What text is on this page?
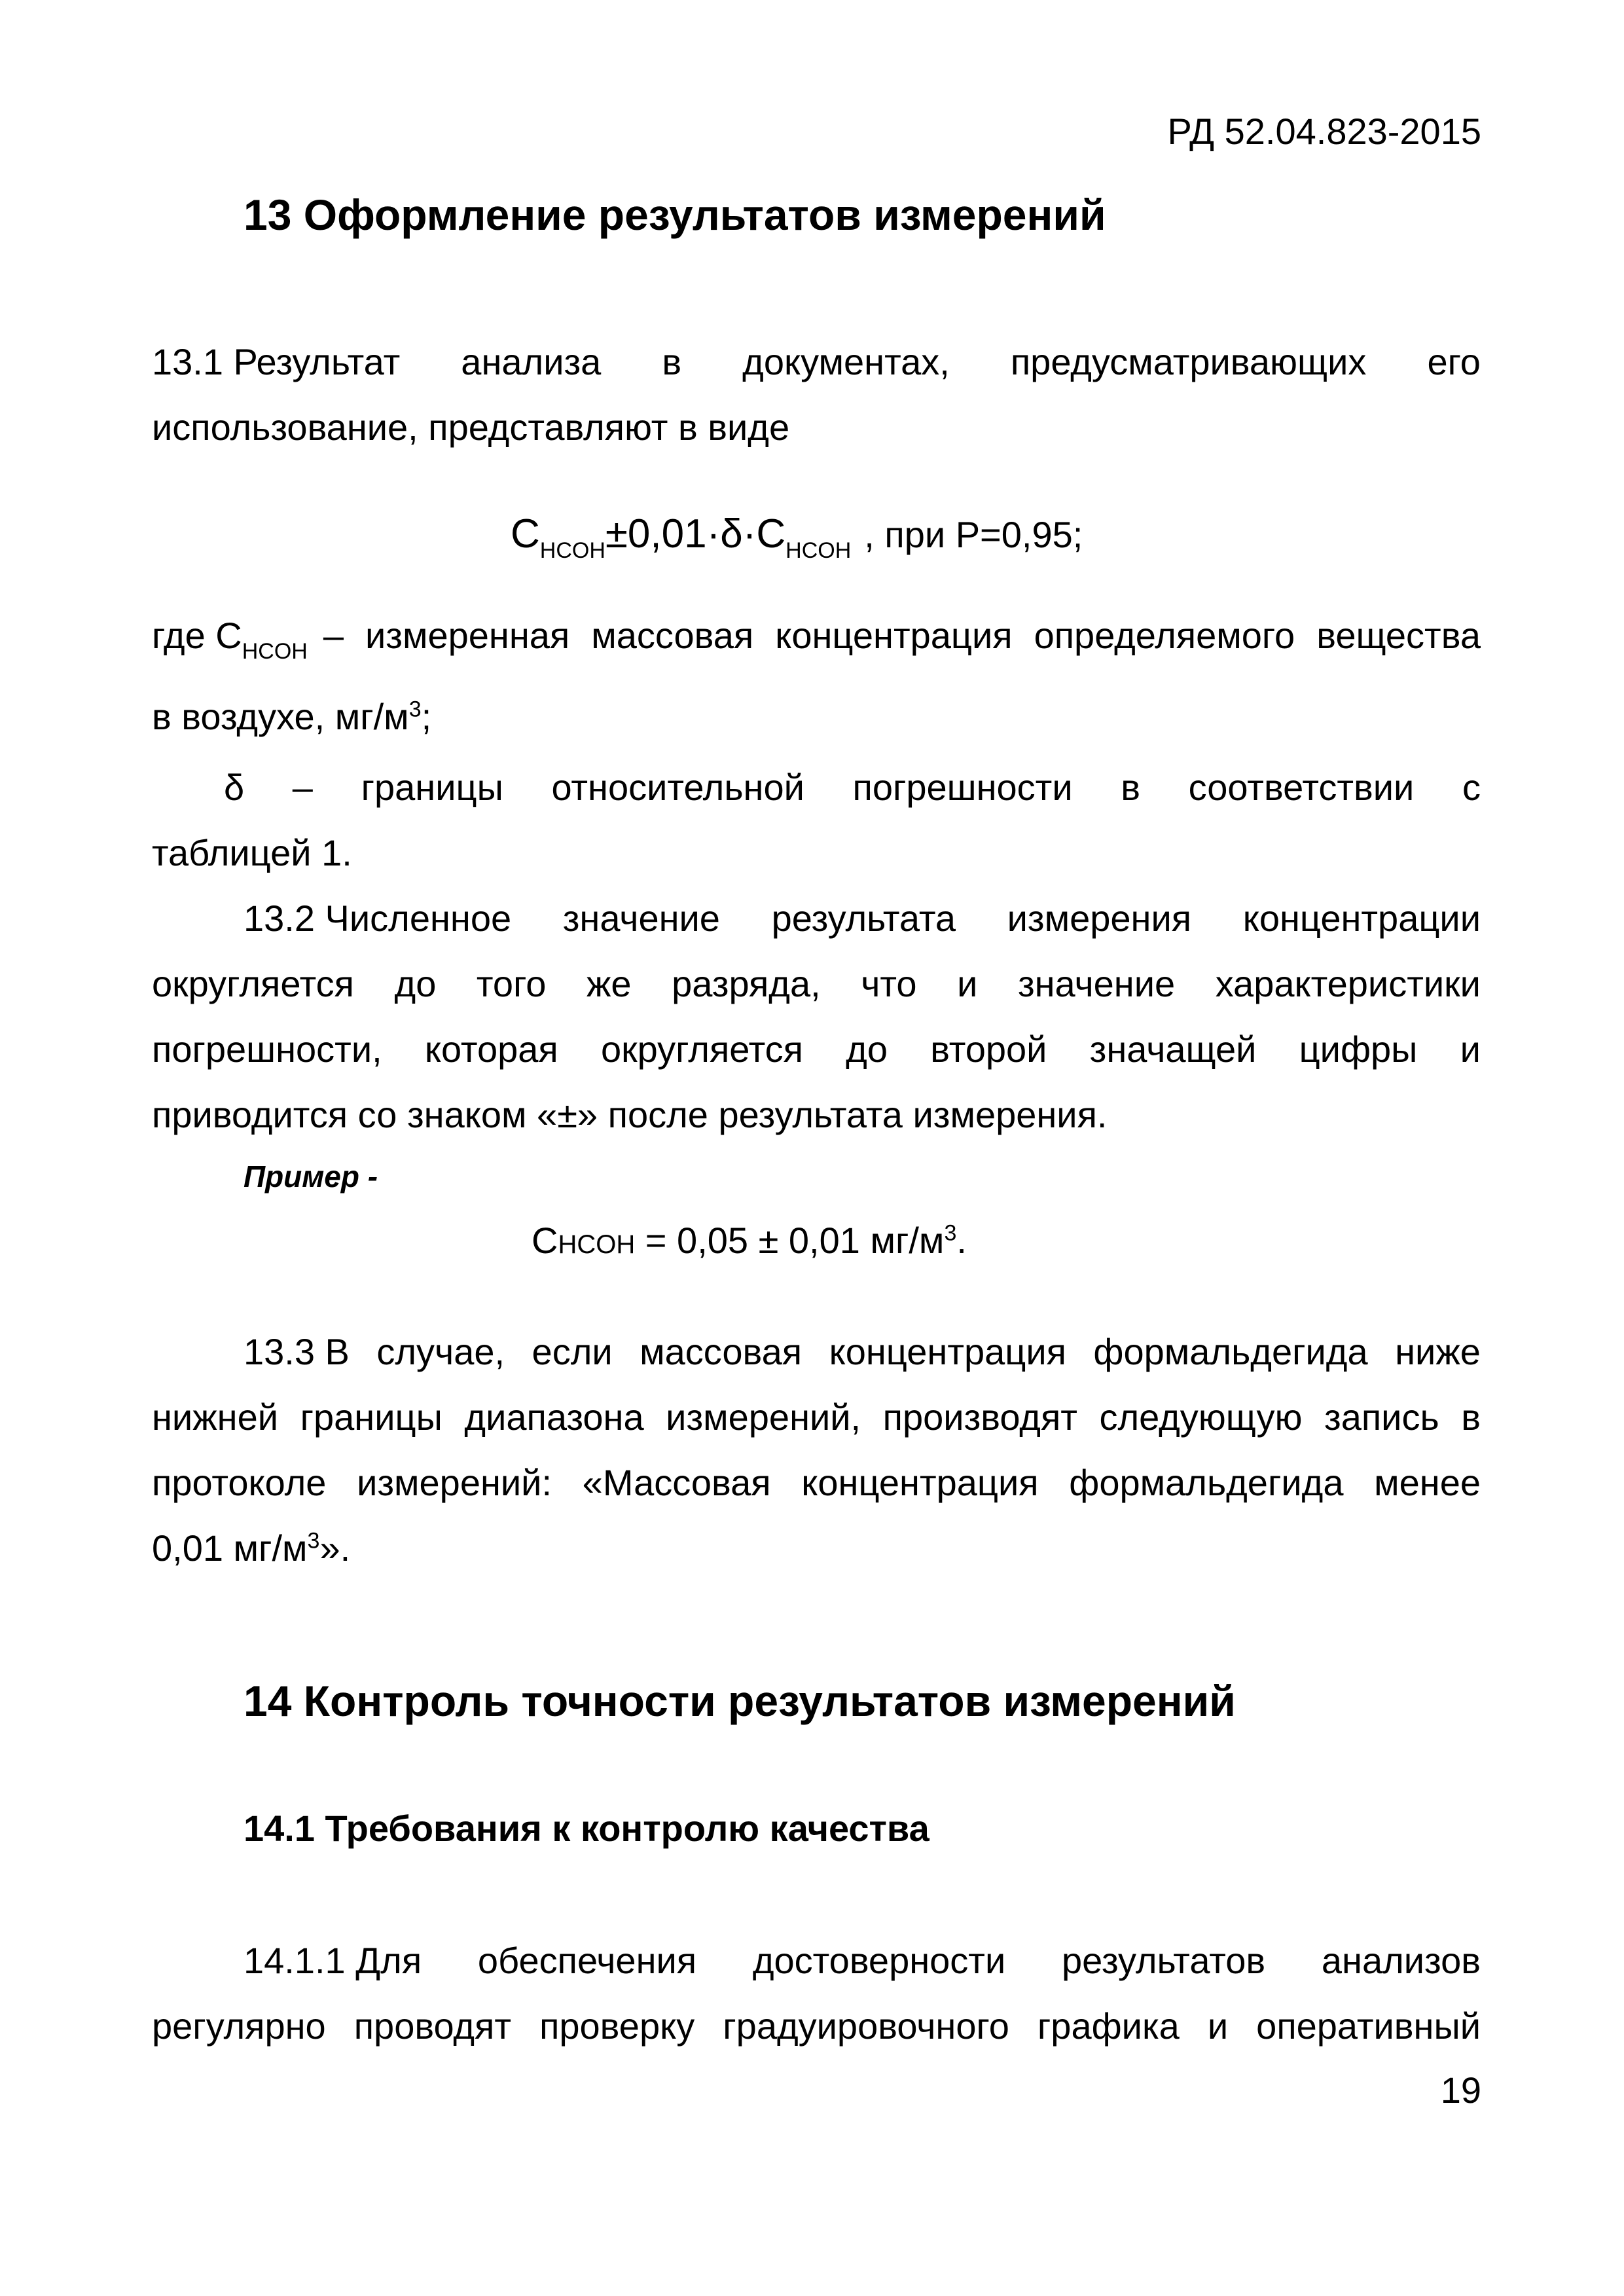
РД 52.04.823-2015
13 Оформление результатов измерений
13.1 Результат анализа в документах, предусматривающих его
использование, представляют в виде
$C_{HCOH}\pm 0,01\cdot\delta\cdot C_{HCOH}$ , при Р=0,95;
где $C_{HCOH}$ – измеренная массовая концентрация определяемого вещества
в воздухе, $мг/м^3$;
δ – границы относительной погрешности в соответствии с
таблицей 1.
13.2 Численное значение результата измерения концентрации
округляется до того же разряда, что и значение характеристики
погрешности, которая округляется до второй значащей цифры и
приводится со знаком «±» после результата измерения.
Пример -
CHCOH = 0,05 ± 0,01 $мг/м^3$.
13.3 В случае, если массовая концентрация формальдегида ниже
нижней границы диапазона измерений, производят следующую запись в
протоколе измерений: «Массовая концентрация формальдегида менее
0,01 $мг/м^3$».
14 Контроль точности результатов измерений
14.1 Требования к контролю качества
14.1.1 Для обеспечения достоверности результатов анализов
регулярно проводят проверку градуировочного графика и оперативный
19
